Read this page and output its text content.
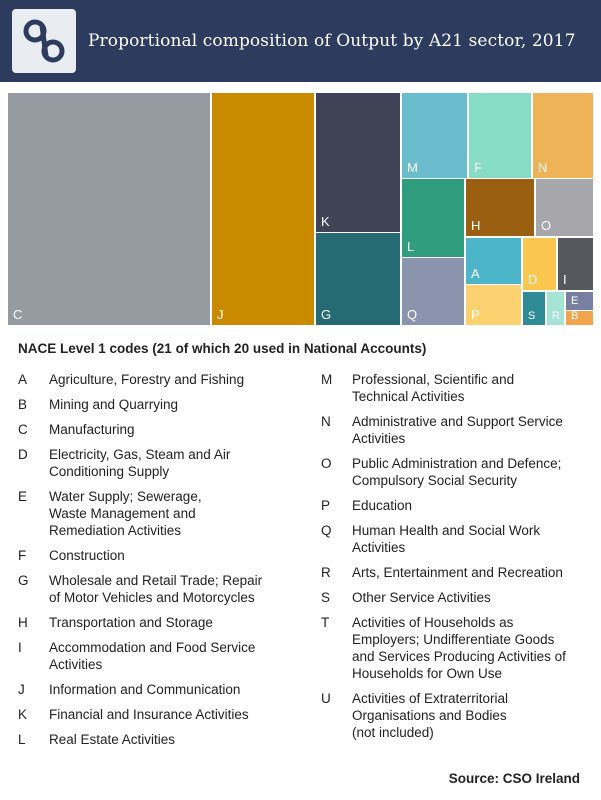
Proportional composition of Output by A21 sector, 2017
C	J
K
G
M	F	N
L
H	O
Q
A
P
D I
S R
E
B
NACE Level 1 codes (21 of which 20 used in National Accounts)
A	Agriculture, Forestry and Fishing
B	Mining and Quarrying
C	Manufacturing
D	Electricity, Gas, Steam and Air
Conditioning Supply
E	Water Supply; Sewerage,
Waste Management and
Remediation Activities
F	Construction
G	Wholesale and Retail Trade; Repair
of Motor Vehicles and Motorcycles
H	Transportation and Storage
I	Accommodation and Food Service
Activities
J	Information and Communication
K	Financial and Insurance Activities
L	Real Estate Activities
M	Professional, Scientific and
Technical Activities
N	Administrative and Support Service
Activities
O	Public Administration and Defence;
Compulsory Social Security
P	Education
Q	Human Health and Social Work
Activities
R	Arts, Entertainment and Recreation
S	Other Service Activities
T	Activities of Households as
Employers; Undifferentiate Goods
and Services Producing Activities of
Households for Own Use
U	Activities of Extraterritorial
Organisations and Bodies
(not included)
Source: CSO Ireland
